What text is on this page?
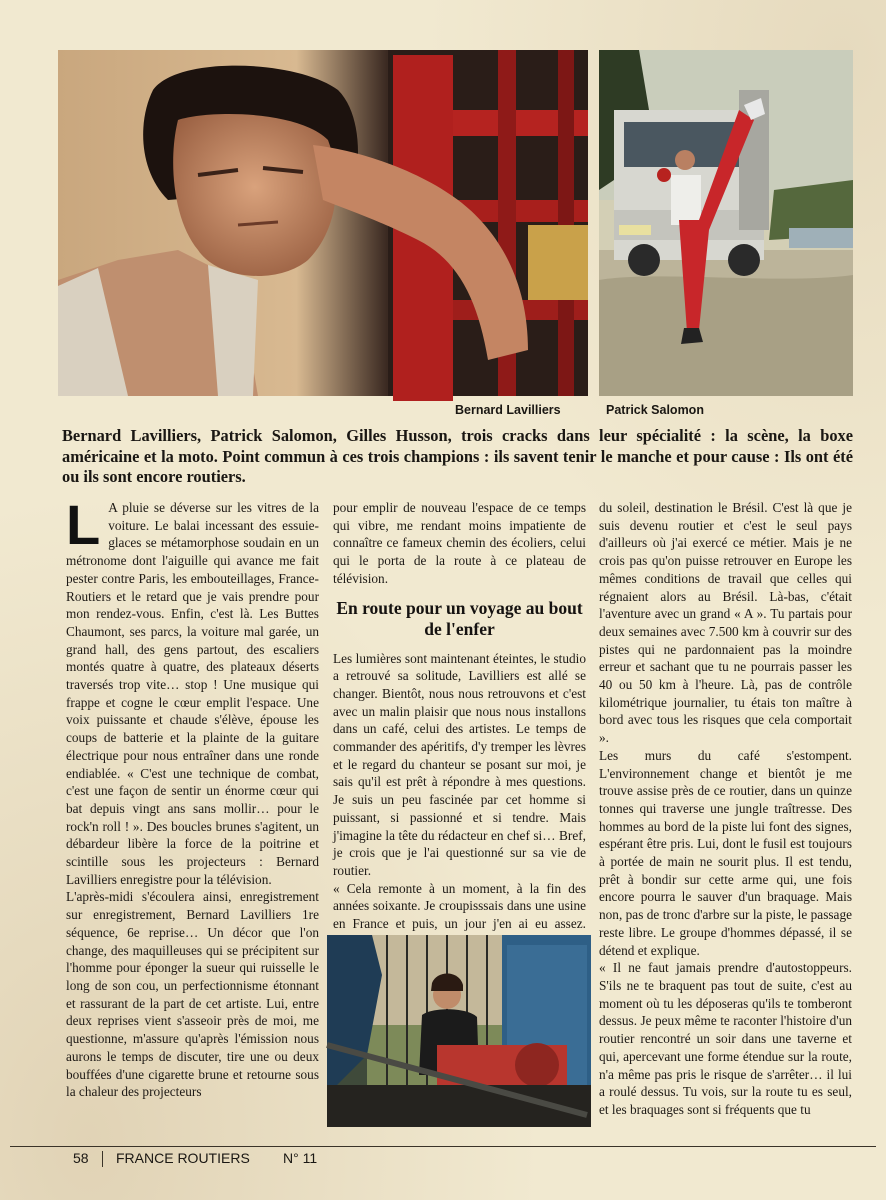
Bernard Lavilliers	Patrick Salomon
Bernard Lavilliers, Patrick Salomon, Gilles Husson, trois cracks dans leur spécialité : la scène, la boxe américaine et la moto. Point commun à ces trois champions : ils savent tenir le manche et pour cause : Ils ont été ou ils sont encore routiers.
L A pluie se déverse sur les vitres de la voiture. Le balai incessant des essuie-glaces se métamorphose soudain en un métronome dont l'aiguille qui avance me fait pester contre Paris, les embouteillages, France-Routiers et le retard que je vais prendre pour mon rendez-vous. Enfin, c'est là. Les Buttes Chaumont, ses parcs, la voiture mal garée, un grand hall, des gens partout, des escaliers montés quatre à quatre, des plateaux déserts traversés trop vite… stop ! Une musique qui frappe et cogne le cœur emplit l'espace. Une voix puissante et chaude s'élève, épouse les coups de batterie et la plainte de la guitare électrique pour nous entraîner dans une ronde endiablée. « C'est une technique de combat, c'est une façon de sentir un énorme cœur qui bat depuis vingt ans sans mollir… pour le rock'n roll ! ». Des boucles brunes s'agitent, un débardeur libère la force de la poitrine et scintille sous les projecteurs : Bernard Lavilliers enregistre pour la télévision.

L'après-midi s'écoulera ainsi, enregistrement sur enregistrement, Bernard Lavilliers 1re séquence, 6e reprise… Un décor que l'on change, des maquilleuses qui se précipitent sur l'homme pour éponger la sueur qui ruisselle le long de son cou, un perfectionnisme étonnant et rassurant de la part de cet artiste. Lui, entre deux reprises vient s'asseoir près de moi, me questionne, m'assure qu'après l'émission nous aurons le temps de discuter, tire une ou deux bouffées d'une cigarette brune et retourne sous la chaleur des projecteurs

pour emplir de nouveau l'espace de ce temps qui vibre, me rendant moins impatiente de connaître ce fameux chemin des écoliers, celui qui le porta de la route à ce plateau de télévision.

En route pour un voyage au bout de l'enfer

Les lumières sont maintenant éteintes, le studio a retrouvé sa solitude, Lavilliers est allé se changer. Bientôt, nous nous retrouvons et c'est avec un malin plaisir que nous nous installons dans un café, celui des artistes. Le temps de commander des apéritifs, d'y tremper les lèvres et le regard du chanteur se posant sur moi, je sais qu'il est prêt à répondre à mes questions. Je suis un peu fascinée par cet homme si puissant, si passionné et si tendre. Mais j'imagine la tête du rédacteur en chef si… Bref, je crois que je l'ai questionné sur sa vie de routier.

« Cela remonte à un moment, à la fin des années soixante. Je croupisssais dans une usine en France et puis, un jour j'en ai eu assez.

du soleil, destination le Brésil. C'est là que je suis devenu routier et c'est le seul pays d'ailleurs où j'ai exercé ce métier. Mais je ne crois pas qu'on puisse retrouver en Europe les mêmes conditions de travail que celles qui régnaient alors au Brésil. Là-bas, c'était l'aventure avec un grand « A ». Tu partais pour deux semaines avec 7.500 km à couvrir sur des pistes qui ne pardonnaient pas la moindre erreur et sachant que tu ne pourrais passer les 40 ou 50 km à l'heure. Là, pas de contrôle kilométrique journalier, tu étais ton maître à bord avec tous les risques que cela comportait ».

Les murs du café s'estompent. L'environnement change et bientôt je me trouve assise près de ce routier, dans un quinze tonnes qui traverse une jungle traîtresse. Des hommes au bord de la piste lui font des signes, espérant être pris. Lui, dont le fusil est toujours à portée de main ne sourit plus. Il est tendu, prêt à bondir sur cette arme qui, une fois encore pourra le sauver d'un braquage. Mais non, pas de tronc d'arbre sur la piste, le passage reste libre. Le groupe d'hommes dépassé, il se détend et explique.

« Il ne faut jamais prendre d'autostoppeurs. S'ils ne te braquent pas tout de suite, c'est au moment où tu les déposeras qu'ils te tomberont dessus. Je peux même te raconter l'histoire d'un routier rencontré un soir dans une taverne et qui, apercevant une forme étendue sur la route, n'a même pas pris le risque de s'arrêter… il lui a roulé dessus. Tu vois, sur la route tu es seul, et les braquages sont si fréquents que tu

58 FRANCE ROUTIERS N° 11
